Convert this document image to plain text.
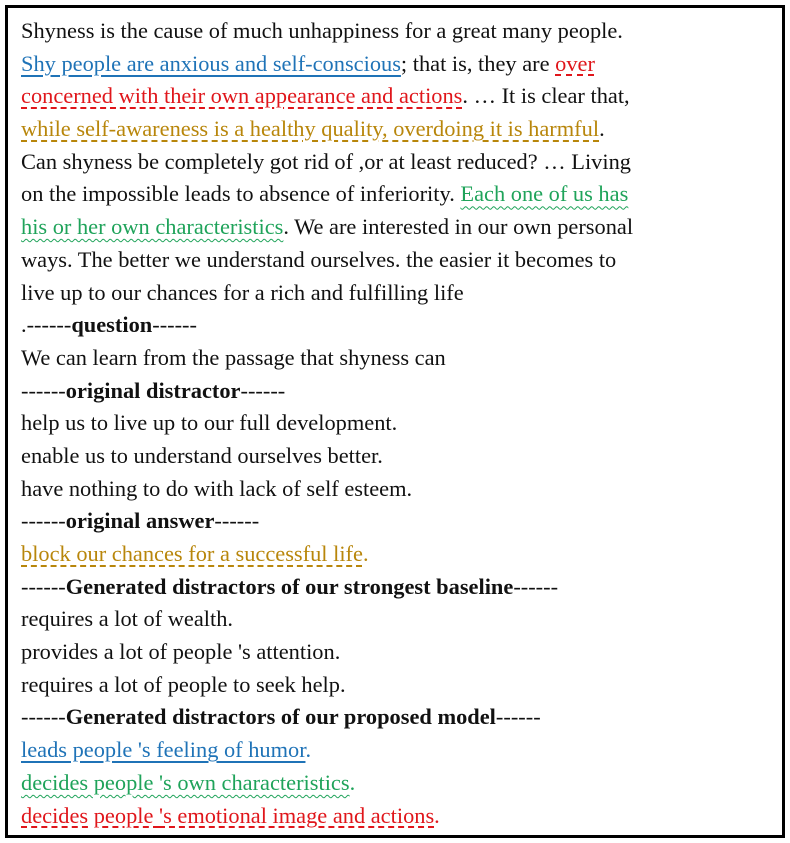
Shyness is the cause of much unhappiness for a great many people.
Shy people are anxious and self-conscious; that is, they are over
concerned with their own appearance and actions. … It is clear that,
while self-awareness is a healthy quality, overdoing it is harmful.
Can shyness be completely got rid of ,or at least reduced? … Living
on the impossible leads to absence of inferiority. Each one of us has
his or her own characteristics. We are interested in our own personal
ways. The better we understand ourselves. the easier it becomes to
live up to our chances for a rich and fulfilling life
.------question------
We can learn from the passage that shyness can
------original distractor------
help us to live up to our full development.
enable us to understand ourselves better.
have nothing to do with lack of self esteem.
------original answer------
block our chances for a successful life.
------Generated distractors of our strongest baseline------
requires a lot of wealth.
provides a lot of people 's attention.
requires a lot of people to seek help.
------Generated distractors of our proposed model------
leads people 's feeling of humor.
decides people 's own characteristics.
decides people 's emotional image and actions.
